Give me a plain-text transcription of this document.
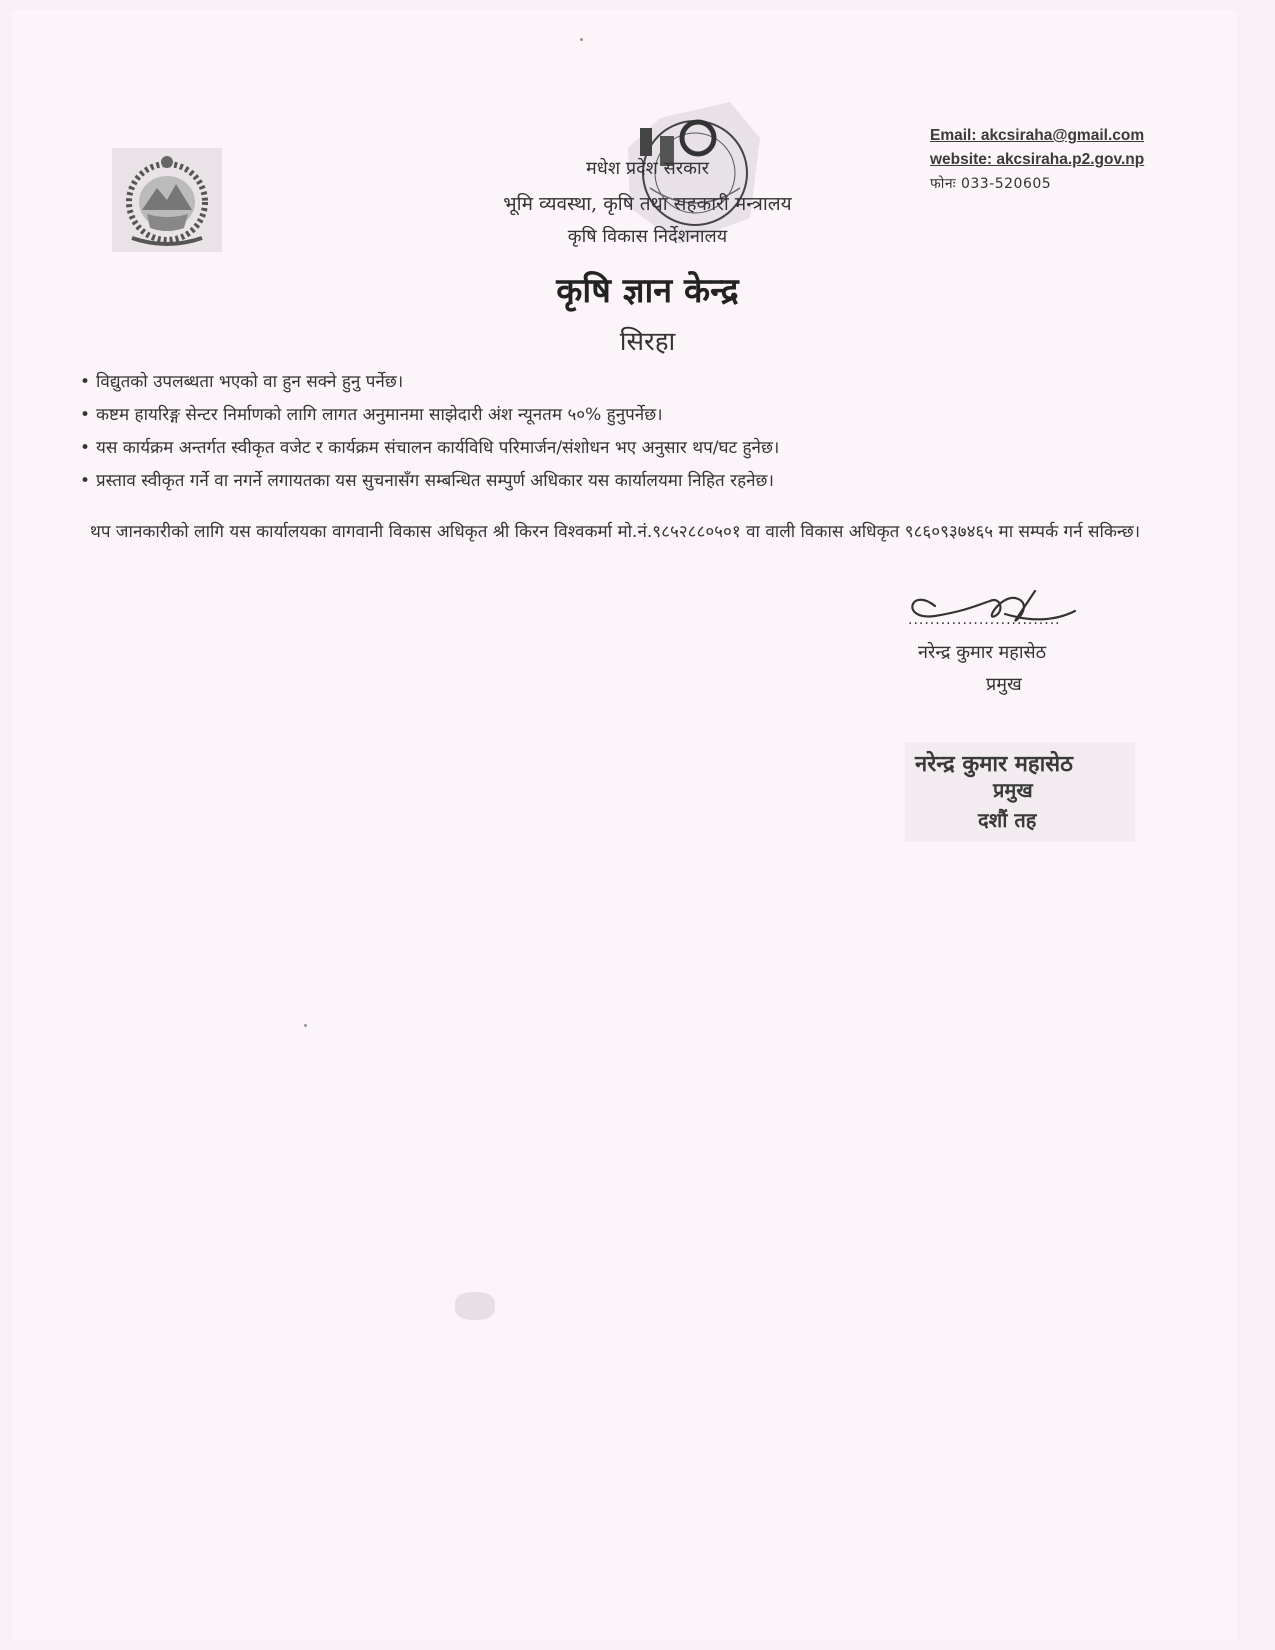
Email: akcsiraha@gmail.com
website: akcsiraha.p2.gov.np
फोनः 033-520605
मधेश प्रदेश सरकार
भूमि व्यवस्था, कृषि तथा सहकारी मन्त्रालय
कृषि विकास निर्देशनालय
कृषि ज्ञान केन्द्र
सिरहा
• विद्युतको उपलब्धता भएको वा हुन सक्ने हुनु पर्नेछ।
• कष्टम हायरिङ्ग सेन्टर निर्माणको लागि लागत अनुमानमा साझेदारी अंश न्यूनतम ५०% हुनुपर्नेछ।
• यस कार्यक्रम अन्तर्गत स्वीकृत वजेट र कार्यक्रम संचालन कार्यविधि परिमार्जन/संशोधन भए अनुसार थप/घट हुनेछ।
• प्रस्ताव स्वीकृत गर्ने वा नगर्ने लगायतका यस सुचनासँग सम्बन्धित सम्पुर्ण अधिकार यस कार्यालयमा निहित रहनेछ।
थप जानकारीको लागि यस कार्यालयका वागवानी विकास अधिकृत श्री किरन विश्वकर्मा मो.नं.९८५२८८०५०१ वा वाली विकास अधिकृत ९८६०९३७४६५ मा सम्पर्क गर्न सकिन्छ।
............................
नरेन्द्र कुमार महासेठ
प्रमुख
नरेन्द्र कुमार महासेठ
प्रमुख
दशौं तह
